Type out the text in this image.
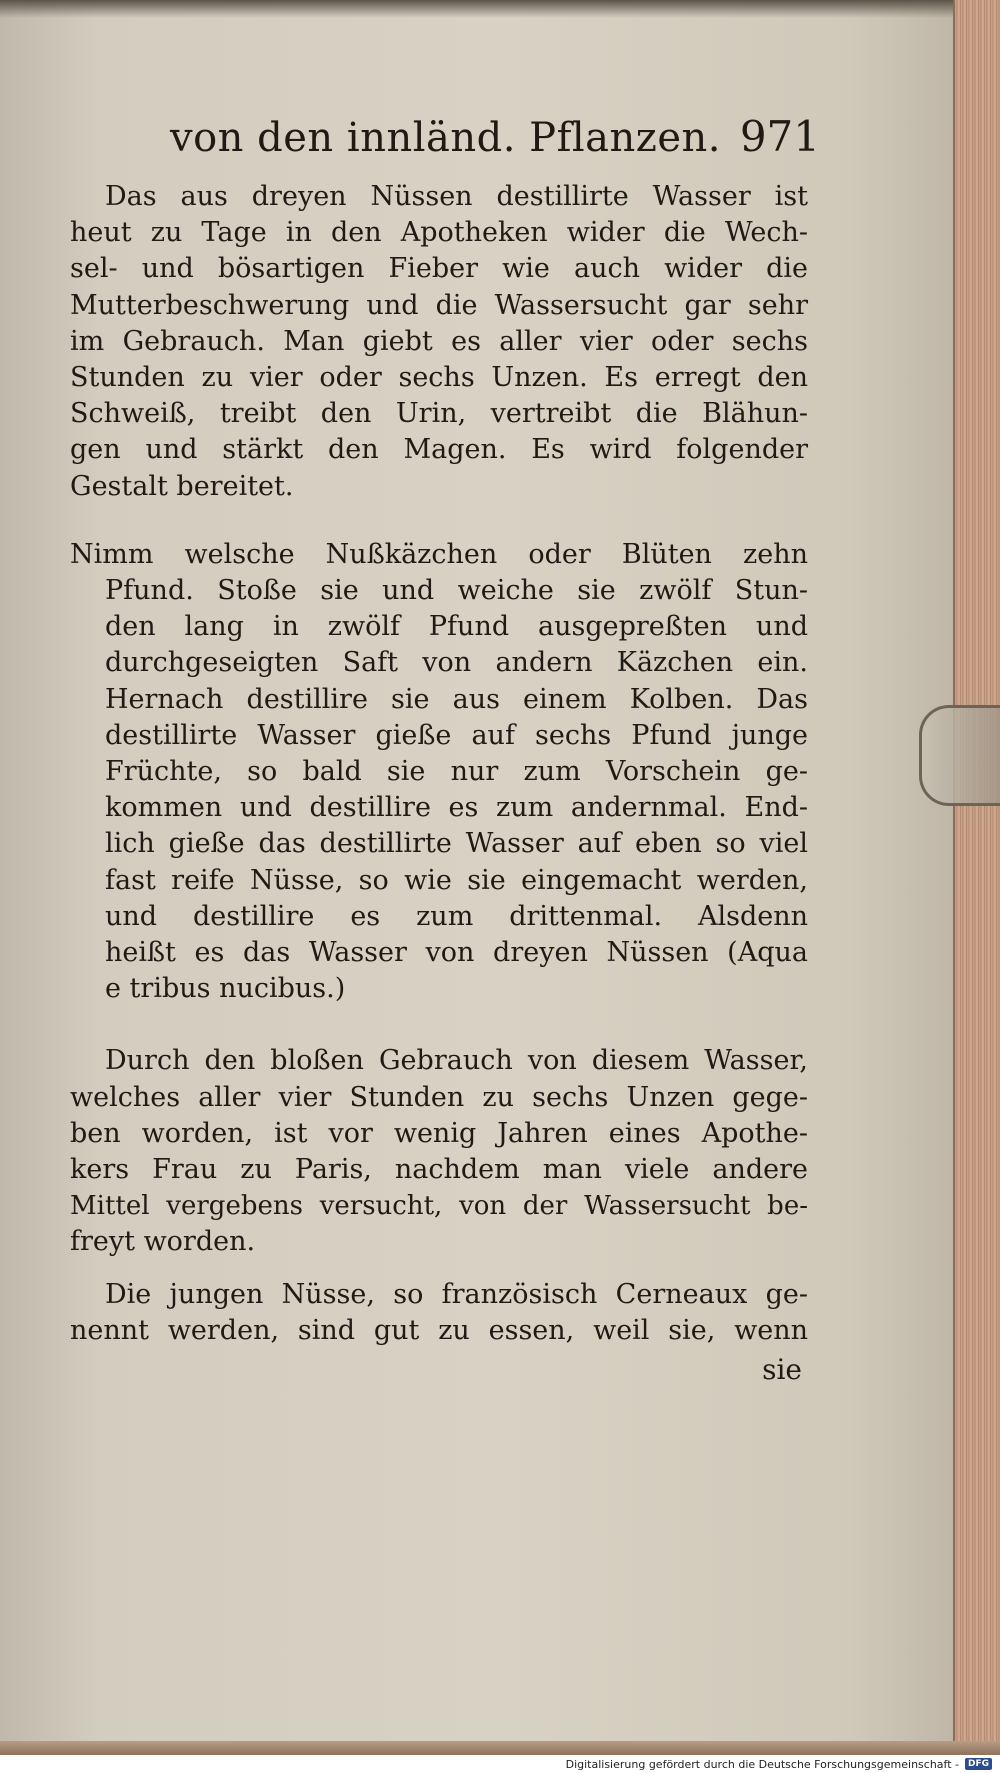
von den innländ. Pflanzen. 971

Das aus dreyen Nüssen destillirte Wasser ist
heut zu Tage in den Apotheken wider die Wech-
sel- und bösartigen Fieber wie auch wider die
Mutterbeschwerung und die Wassersucht gar sehr
im Gebrauch. Man giebt es aller vier oder sechs
Stunden zu vier oder sechs Unzen. Es erregt den
Schweiß, treibt den Urin, vertreibt die Blähun-
gen und stärkt den Magen. Es wird folgender
Gestalt bereitet.

Nimm welsche Nußkäzchen oder Blüten zehn
Pfund. Stoße sie und weiche sie zwölf Stun-
den lang in zwölf Pfund ausgepreßten und
durchgeseigten Saft von andern Käzchen ein.
Hernach destillire sie aus einem Kolben. Das
destillirte Wasser gieße auf sechs Pfund junge
Früchte, so bald sie nur zum Vorschein ge-
kommen und destillire es zum andernmal. End-
lich gieße das destillirte Wasser auf eben so viel
fast reife Nüsse, so wie sie eingemacht werden,
und destillire es zum drittenmal. Alsdenn
heißt es das Wasser von dreyen Nüssen (Aqua
e tribus nucibus.)

Durch den bloßen Gebrauch von diesem Wasser,
welches aller vier Stunden zu sechs Unzen gege-
ben worden, ist vor wenig Jahren eines Apothe-
kers Frau zu Paris, nachdem man viele andere
Mittel vergebens versucht, von der Wassersucht be-
freyt worden.

Die jungen Nüsse, so französisch Cerneaux ge-
nennt werden, sind gut zu essen, weil sie, wenn

sie
Digitalisierung gefördert durch die Deutsche Forschungsgemeinschaft -	DFG
